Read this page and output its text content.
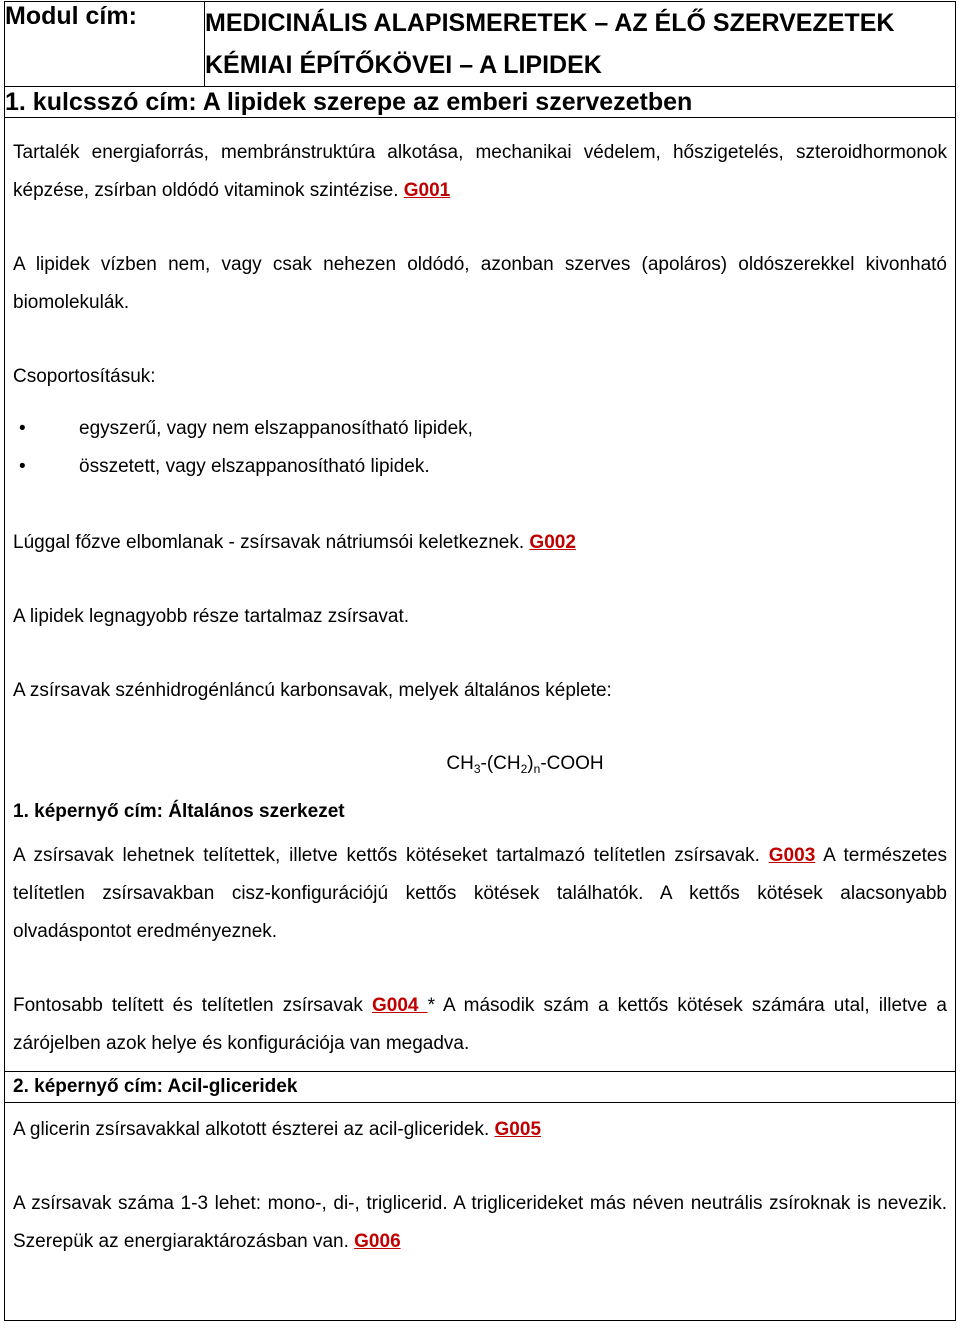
Modul cím:	MEDICINÁLIS ALAPISMERETEK – AZ ÉLŐ SZERVEZETEK KÉMIAI ÉPÍTŐKÖVEI – A LIPIDEK
1. kulcsszó cím: A lipidek szerepe az emberi szervezetben

Tartalék energiaforrás, membránstruktúra alkotása, mechanikai védelem, hőszigetelés, szteroidhormonok képzése, zsírban oldódó vitaminok szintézise. G001

A lipidek vízben nem, vagy csak nehezen oldódó, azonban szerves (apoláros) oldószerekkel kivonható biomolekulák.

Csoportosításuk:

•	egyszerű, vagy nem elszappanosítható lipidek,
•	összetett, vagy elszappanosítható lipidek.

Lúggal főzve elbomlanak - zsírsavak nátriumsói keletkeznek. G002

A lipidek legnagyobb része tartalmaz zsírsavat.

A zsírsavak szénhidrogénláncú karbonsavak, melyek általános képlete:

$CH_3-(CH_2)_n$-COOH

1. képernyő cím: Általános szerkezet

A zsírsavak lehetnek telítettek, illetve kettős kötéseket tartalmazó telítetlen zsírsavak. G003 A természetes telítetlen zsírsavakban cisz-konfigurációjú kettős kötések találhatók. A kettős kötések alacsonyabb olvadáspontot eredményeznek.

Fontosabb telített és telítetlen zsírsavak G004 * A második szám a kettős kötések számára utal, illetve a zárójelben azok helye és konfigurációja van megadva.

2. képernyő cím: Acil-gliceridek

A glicerin zsírsavakkal alkotott észterei az acil-gliceridek. G005

A zsírsavak száma 1-3 lehet: mono-, di-, triglicerid. A triglicerideket más néven neutrális zsíroknak is nevezik. Szerepük az energiaraktározásban van. G006
